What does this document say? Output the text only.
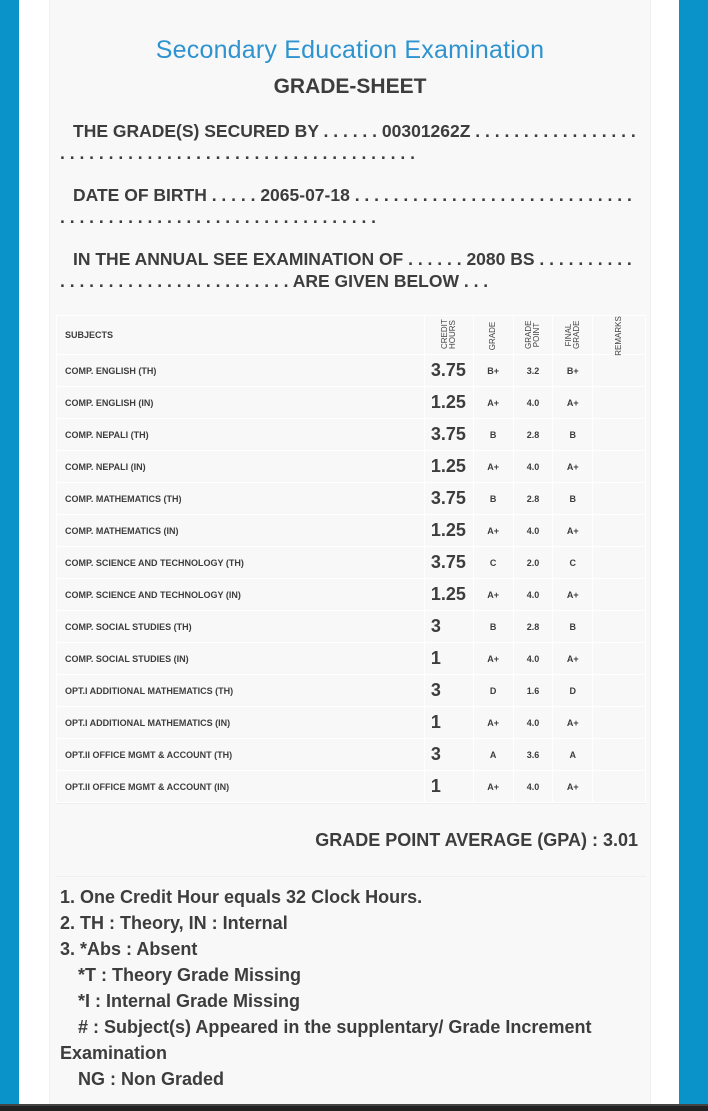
Secondary Education Examination
GRADE-SHEET
THE GRADE(S) SECURED BY . . . . . . 00301262Z . . . . . . . . . . . . . . . . . . . . . . . . . . . . . . . . . . . . . . . . . . . . . . . . . . . . . .
DATE OF BIRTH . . . . . 2065-07-18 . . . . . . . . . . . . . . . . . . . . . . . . . . . . . . . . . . . . . . . . . . . . . . . . . . . . . . . . . . . . . .
IN THE ANNUAL SEE EXAMINATION OF . . . . . . 2080 BS . . . . . . . . . . . . . . . . . . . . . . . . . . . . . . . . . . ARE GIVEN BELOW . . .
SUBJECTS	CREDIT HOURS	GRADE	GRADE POINT	FINAL GRADE	REMARKS
COMP. ENGLISH (TH)	3.75	B+	3.2	B+	
COMP. ENGLISH (IN)	1.25	A+	4.0	A+	
COMP. NEPALI (TH)	3.75	B	2.8	B	
COMP. NEPALI (IN)	1.25	A+	4.0	A+	
COMP. MATHEMATICS (TH)	3.75	B	2.8	B	
COMP. MATHEMATICS (IN)	1.25	A+	4.0	A+	
COMP. SCIENCE AND TECHNOLOGY (TH)	3.75	C	2.0	C	
COMP. SCIENCE AND TECHNOLOGY (IN)	1.25	A+	4.0	A+	
COMP. SOCIAL STUDIES (TH)	3	B	2.8	B	
COMP. SOCIAL STUDIES (IN)	1	A+	4.0	A+	
OPT.I ADDITIONAL MATHEMATICS (TH)	3	D	1.6	D	
OPT.I ADDITIONAL MATHEMATICS (IN)	1	A+	4.0	A+	
OPT.II OFFICE MGMT & ACCOUNT (TH)	3	A	3.6	A	
OPT.II OFFICE MGMT & ACCOUNT (IN)	1	A+	4.0	A+	
GRADE POINT AVERAGE (GPA) : 3.01
1. One Credit Hour equals 32 Clock Hours.
2. TH : Theory, IN : Internal
3. *Abs : Absent
*T : Theory Grade Missing
*I : Internal Grade Missing
# : Subject(s) Appeared in the supplentary/ Grade Increment
Examination
NG : Non Graded
